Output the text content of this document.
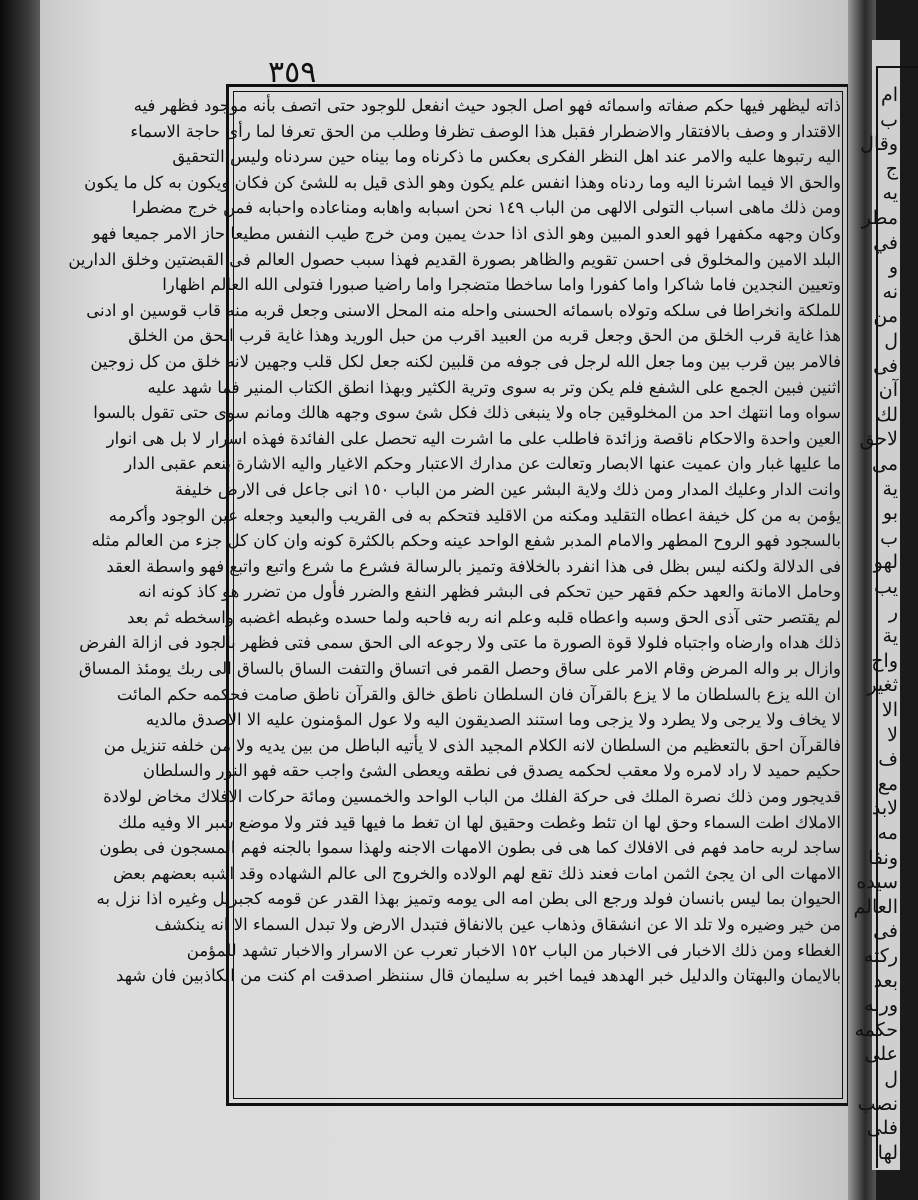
٣٥٩
ذاته ليظهر فيها حكم صفاته واسمائه فهو اصل الجود حيث انفعل للوجود حتى اتصف بأنه موجود فظهر فيه
الاقتدار و وصف بالافتقار والاضطرار فقبل هذا الوصف تظرفا وطلب من الحق تعرفا لما رأى حاجة الاسماء
اليه رتبوها عليه والامر عند اهل النظر الفكرى بعكس ما ذكرناه وما بيناه حين سردناه وليس التحقيق
والحق الا فيما اشرنا اليه وما ردناه وهذا انفس علم يكون وهو الذى قيل به للشئ كن فكان ويكون به كل ما يكون
ومن ذلك ماهى اسباب التولى الالهى من الباب ١٤٩ نحن اسبابه واهابه ومناعاده واحبابه فمن خرج مضطرا
وكان وجهه مكفهرا فهو العدو المبين وهو الذى اذا حدث يمين ومن خرج طيب النفس مطيعا حاز الامر جميعا فهو
البلد الامين والمخلوق فى احسن تقويم والظاهر بصورة القديم فهذا سبب حصول العالم فى القبضتين وخلق الدارين
وتعيين النجدين فاما شاكرا واما كفورا واما ساخطا متضجرا واما راضيا صبورا فتولى الله العالم اظهارا
للملكة وانخراطا فى سلكه وتولاه باسمائه الحسنى واحله منه المحل الاسنى وجعل قربه منه قاب قوسين او ادنى
هذا غاية قرب الخلق من الحق وجعل قربه من العبيد اقرب من حبل الوريد وهذا غاية قرب الحق من الخلق
فالامر بين قرب بين وما جعل الله لرجل فى جوفه من قلبين لكنه جعل لكل قلب وجهين لانه خلق من كل زوجين
اثنين فبين الجمع على الشفع فلم يكن وتر به سوى وترية الكثير وبهذا انطق الكتاب المنير فما شهد عليه
سواه وما انتهك احد من المخلوقين جاه ولا ينبغى ذلك فكل شئ سوى وجهه هالك ومانم سوى حتى تقول بالسوا
العين واحدة والاحكام ناقصة وزائدة فاطلب على ما اشرت اليه تحصل على الفائدة فهذه اسرار لا بل هى انوار
ما عليها غبار وان عميت عنها الابصار وتعالت عن مدارك الاعتبار وحكم الاغيار واليه الاشارة بنعم عقبى الدار
وانت الدار وعليك المدار ومن ذلك ولاية البشر عين الضر من الباب ١٥٠ انى جاعل فى الارض خليفة
يؤمن به من كل خيفة اعطاه التقليد ومكنه من الاقليد فتحكم به فى القريب والبعيد وجعله عين الوجود وأكرمه
بالسجود فهو الروح المطهر والامام المدبر شفع الواحد عينه وحكم بالكثرة كونه وان كان كل جزء من العالم مثله
فى الدلالة ولكنه ليس بظل فى هذا انفرد بالخلافة وتميز بالرسالة فشرع ما شرع واتبع واتبع فهو واسطة العقد
وحامل الامانة والعهد حكم فقهر حين تحكم فى البشر فظهر النفع والضرر فأول من تضرر هو كاذ كونه انه
لم يقتصر حتى آذى الحق وسبه واعطاه قلبه وعلم انه ربه فاحبه ولما حسده وغبطه اغضبه واسخطه ثم بعد
ذلك هداه وارضاه واجتباه فلولا قوة الصورة ما عتى ولا رجوعه الى الحق سمى فتى فظهر بالجود فى ازالة الفرض
وازال بر واله المرض وقام الامر على ساق وحصل القمر فى اتساق والتفت الساق بالساق الى ربك يومئذ المساق
ان الله يزع بالسلطان ما لا يزع بالقرآن فان السلطان ناطق خالق والقرآن ناطق صامت فحكمه حكم المائت
لا يخاف ولا يرجى ولا يطرد ولا يزجى وما استند الصديقون اليه ولا عول المؤمنون عليه الا الاصدق مالديه
فالقرآن احق بالتعظيم من السلطان لانه الكلام المجيد الذى لا يأتيه الباطل من بين يديه ولا من خلفه تنزيل من
حكيم حميد لا راد لامره ولا معقب لحكمه يصدق فى نطقه ويعطى الشئ واجب حقه فهو النور والسلطان
قديجور ومن ذلك نصرة الملك فى حركة الفلك من الباب الواحد والخمسين ومائة حركات الافلاك مخاض لولادة
الاملاك اطت السماء وحق لها ان تئط وغطت وحقيق لها ان تغط ما فيها قيد فتر ولا موضع شبر الا وفيه ملك
ساجد لربه حامد فهم فى الافلاك كما هى فى بطون الامهات الاجنه ولهذا سموا بالجنه فهم المسجون فى بطون
الامهات الى ان يجئ الثمن امات فعند ذلك تقع لهم الولاده والخروج الى عالم الشهاده وقد اشبه بعضهم بعض
الحيوان بما ليس بانسان فولد ورجع الى بطن امه الى يومه وتميز بهذا القدر عن قومه كجبريل وغيره اذا نزل به
من خير وضيره ولا تلد الا عن انشقاق وذهاب عين بالانفاق فتبدل الارض ولا تبدل السماء الا انه ينكشف
الغطاء ومن ذلك الاخبار فى الاخبار من الباب ١٥٢ الاخبار تعرب عن الاسرار والاخبار تشهد للمؤمن
بالايمان والبهتان والدليل خبر الهدهد فيما اخبر به سليمان قال سننظر اصدقت ام كنت من الكاذبين فان شهد
ام
ب
وقال
ج
يه
مطر
في
و
نه
من
ل
فى
آن
لك
لاحق
مى
ية
بو
ب
لهو
يب
ر
ية
واح
ثغير
الا
لا
ف
مع
لابد
مه
ونفا
سيده
العالم
فى
ركته
بعد
ورنه
حكمه
على
ل
نصب
فلى
لها
